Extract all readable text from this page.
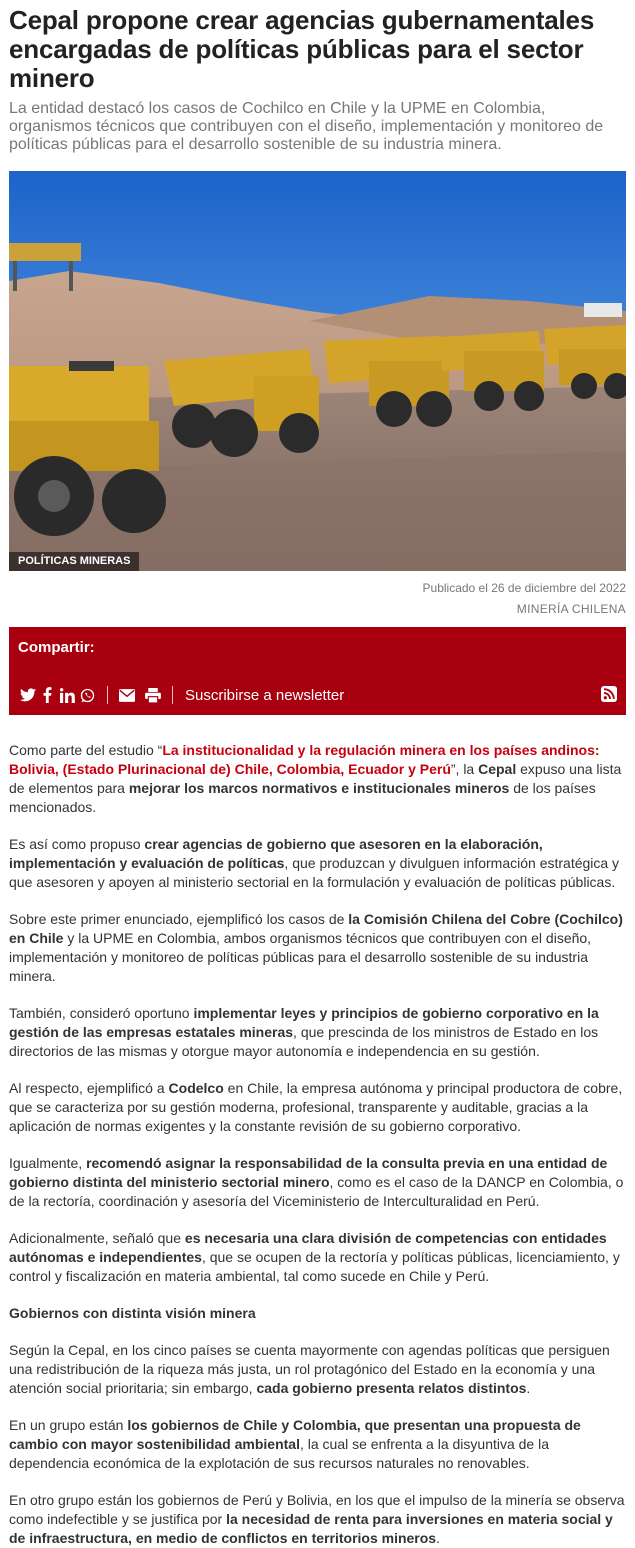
Cepal propone crear agencias gubernamentales encargadas de políticas públicas para el sector minero

La entidad destacó los casos de Cochilco en Chile y la UPME en Colombia, organismos técnicos que contribuyen con el diseño, implementación y monitoreo de políticas públicas para el desarrollo sostenible de su industria minera.

POLÍTICAS MINERAS
Publicado el 26 de diciembre del 2022
MINERÍA CHILENA
Compartir:
Suscribirse a newsletter

Como parte del estudio “La institucionalidad y la regulación minera en los países andinos: Bolivia, (Estado Plurinacional de) Chile, Colombia, Ecuador y Perú”, la Cepal expuso una lista de elementos para mejorar los marcos normativos e institucionales mineros de los países mencionados.

Es así como propuso crear agencias de gobierno que asesoren en la elaboración, implementación y evaluación de políticas, que produzcan y divulguen información estratégica y que asesoren y apoyen al ministerio sectorial en la formulación y evaluación de políticas públicas.

Sobre este primer enunciado, ejemplificó los casos de la Comisión Chilena del Cobre (Cochilco) en Chile y la UPME en Colombia, ambos organismos técnicos que contribuyen con el diseño, implementación y monitoreo de políticas públicas para el desarrollo sostenible de su industria minera.

También, consideró oportuno implementar leyes y principios de gobierno corporativo en la gestión de las empresas estatales mineras, que prescinda de los ministros de Estado en los directorios de las mismas y otorgue mayor autonomía e independencia en su gestión.

Al respecto, ejemplificó a Codelco en Chile, la empresa autónoma y principal productora de cobre, que se caracteriza por su gestión moderna, profesional, transparente y auditable, gracias a la aplicación de normas exigentes y la constante revisión de su gobierno corporativo.

Igualmente, recomendó asignar la responsabilidad de la consulta previa en una entidad de gobierno distinta del ministerio sectorial minero, como es el caso de la DANCP en Colombia, o de la rectoría, coordinación y asesoría del Viceministerio de Interculturalidad en Perú.

Adicionalmente, señaló que es necesaria una clara división de competencias con entidades autónomas e independientes, que se ocupen de la rectoría y políticas públicas, licenciamiento, y control y fiscalización en materia ambiental, tal como sucede en Chile y Perú.

Gobiernos con distinta visión minera

Según la Cepal, en los cinco países se cuenta mayormente con agendas políticas que persiguen una redistribución de la riqueza más justa, un rol protagónico del Estado en la economía y una atención social prioritaria; sin embargo, cada gobierno presenta relatos distintos.

En un grupo están los gobiernos de Chile y Colombia, que presentan una propuesta de cambio con mayor sostenibilidad ambiental, la cual se enfrenta a la disyuntiva de la dependencia económica de la explotación de sus recursos naturales no renovables.

En otro grupo están los gobiernos de Perú y Bolivia, en los que el impulso de la minería se observa como indefectible y se justifica por la necesidad de renta para inversiones en materia social y de infraestructura, en medio de conflictos en territorios mineros.
